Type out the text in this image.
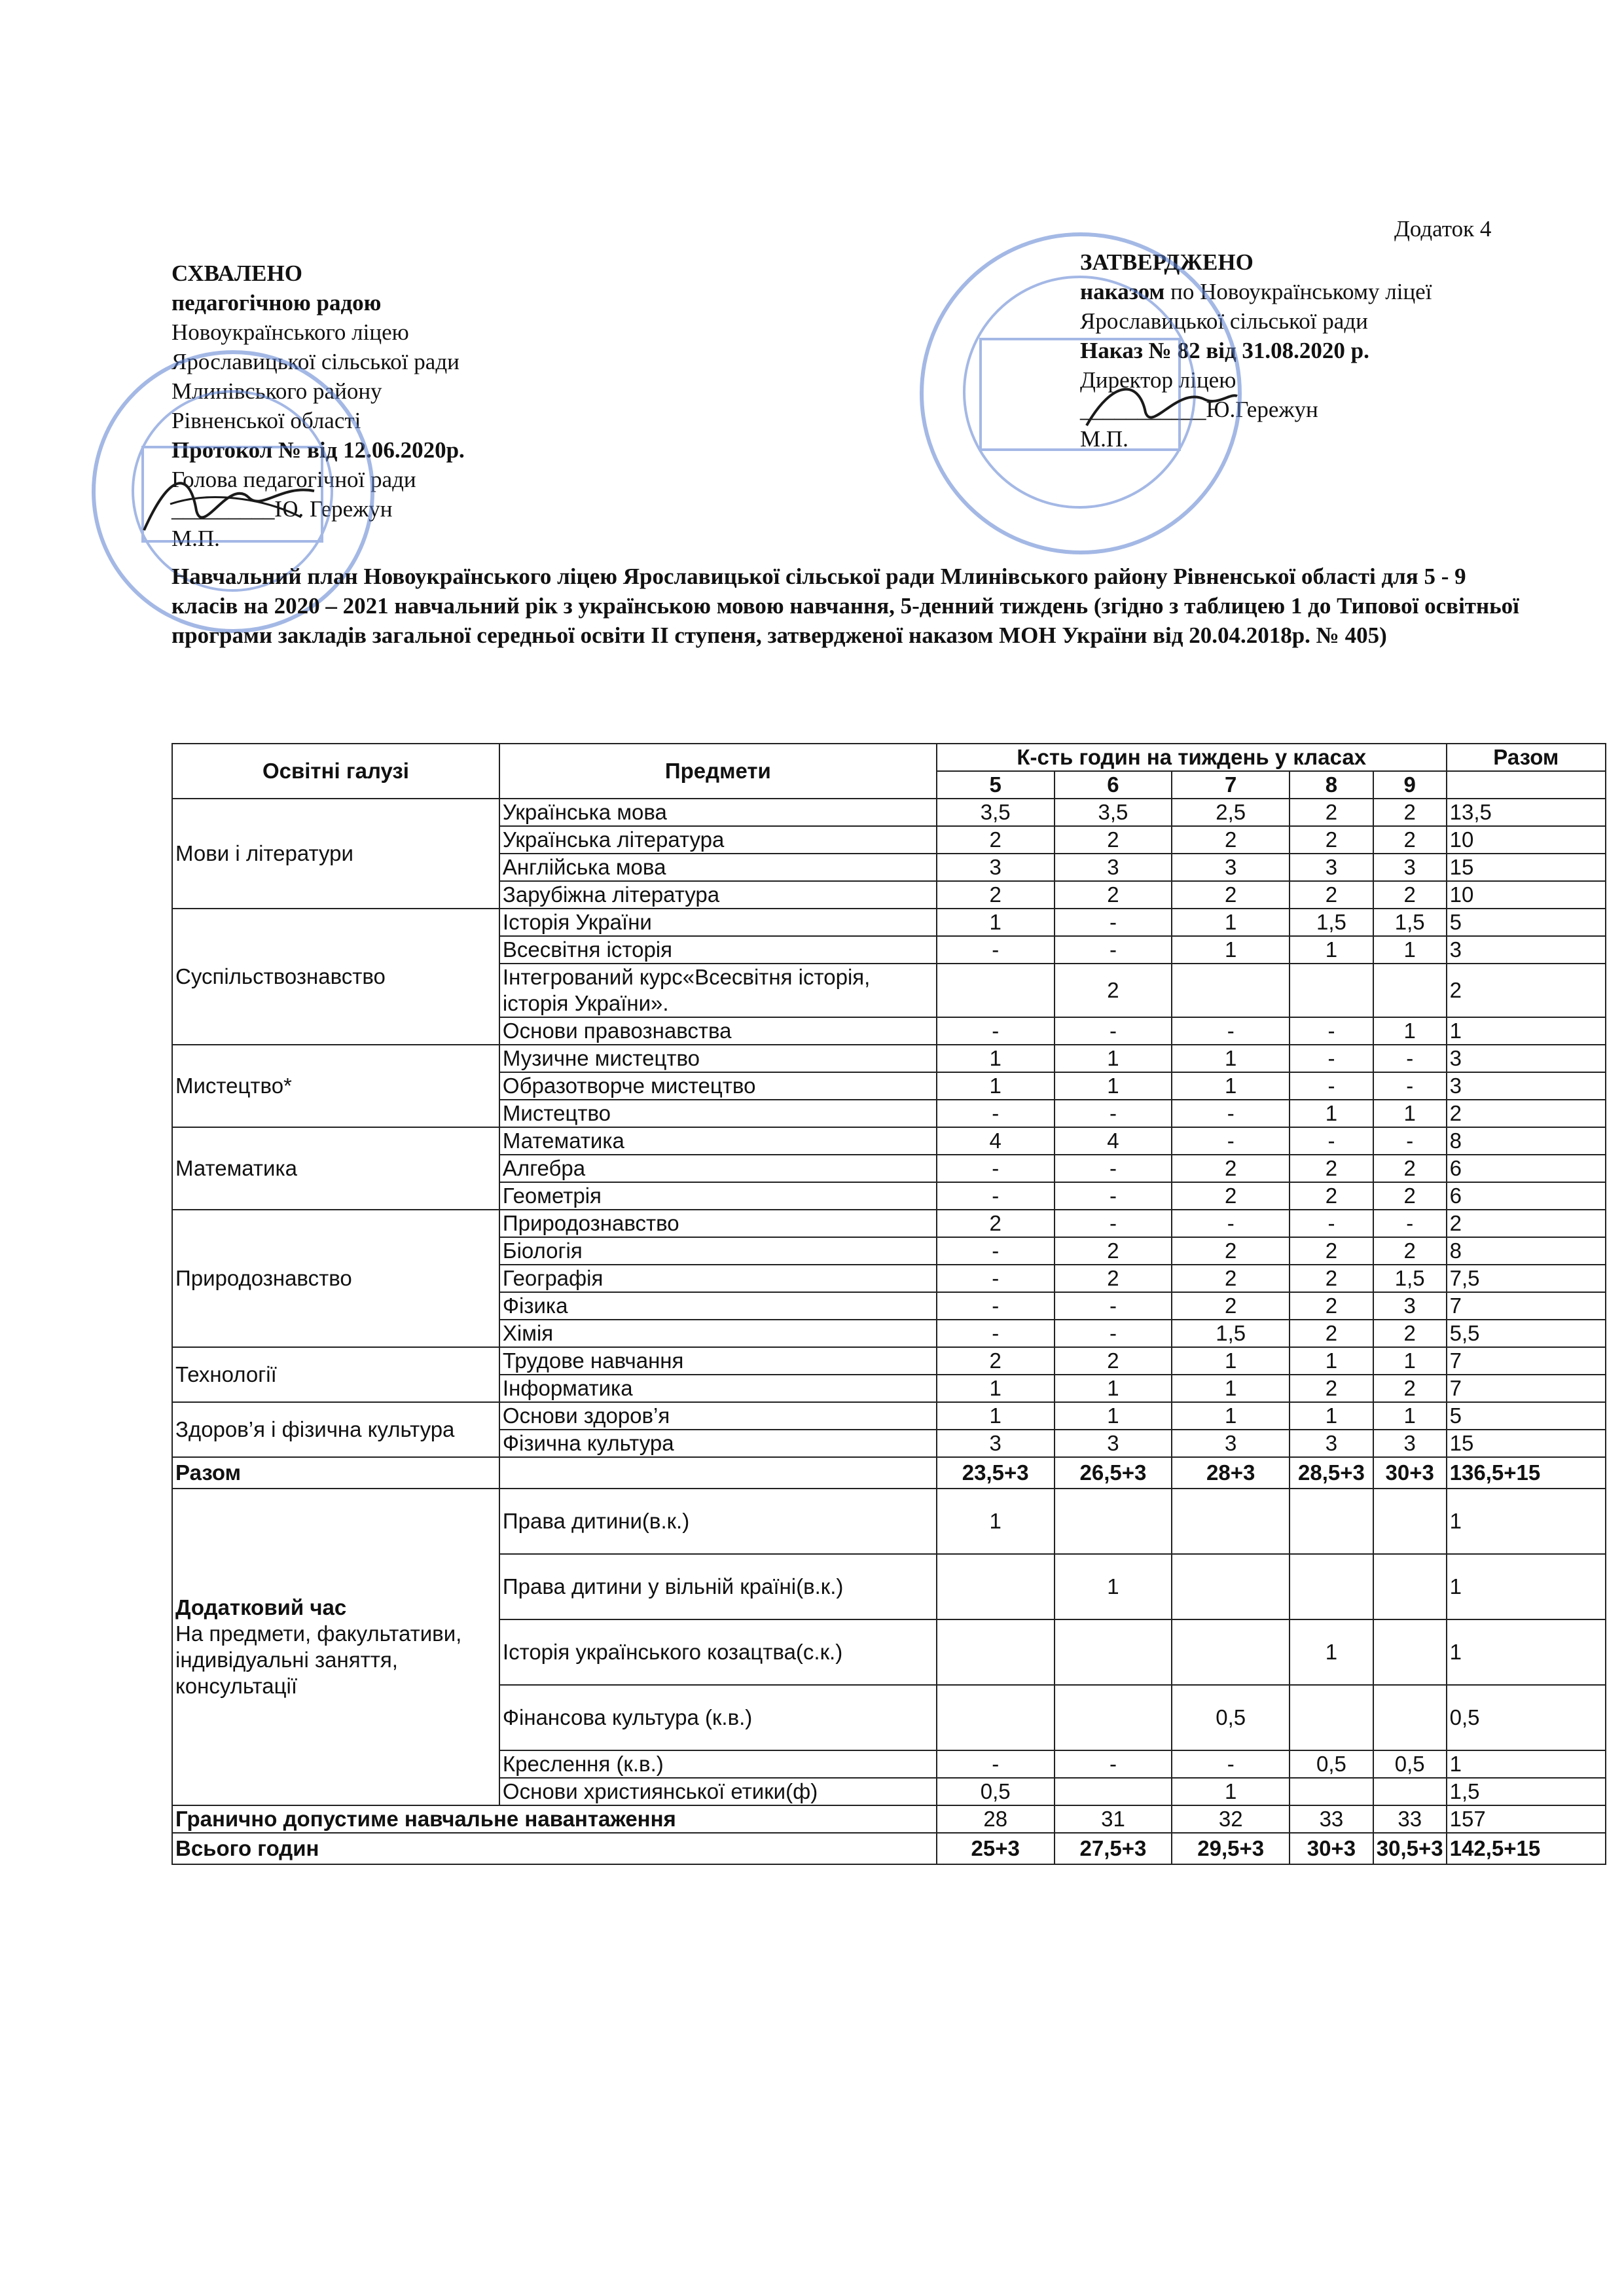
Додаток 4
СХВАЛЕНО
педагогічною радою
Новоукраїнського ліцею
Ярославицької сільської ради
Млинівського району
Рівненської області
Протокол № від 12.06.2020р.
Голова педагогічної ради
_________Ю. Гережун
М.П.
ЗАТВЕРДЖЕНО
наказом по Новоукраїнському ліцеї
Ярославицької сільської ради
Наказ № 82 від 31.08.2020 р.
Директор ліцею
___________Ю.Гережун
М.П.
Навчальний план Новоукраїнського ліцею Ярославицької сільської ради Млинівського району Рівненської області для 5 - 9 класів на 2020 – 2021 навчальний рік з українською мовою навчання, 5-денний тиждень (згідно з таблицею 1 до Типової освітньої програми закладів загальної середньої освіти ІІ ступеня, затвердженої наказом МОН України від 20.04.2018р. № 405)
Освітні галузі	Предмети	К-сть годин на тиждень у класах					Разом
		5	6	7	8	9	
Мови і літератури	Українська мова	3,5	3,5	2,5	2	2	13,5
	Українська література	2	2	2	2	2	10
	Англійська мова	3	3	3	3	3	15
	Зарубіжна література	2	2	2	2	2	10
Суспільствознавство	Історія України	1	-	1	1,5	1,5	5
	Всесвітня історія	-	-	1	1	1	3
	Інтегрований курс«Всесвітня історія, історія України».		2				2
	Основи правознавства	-	-	-	-	1	1
Мистецтво*	Музичне мистецтво	1	1	1	-	-	3
	Образотворче мистецтво	1	1	1	-	-	3
	Мистецтво	-	-	-	1	1	2
Математика	Математика	4	4	-	-	-	8
	Алгебра	-	-	2	2	2	6
	Геометрія	-	-	2	2	2	6
Природознавство	Природознавство	2	-	-	-	-	2
	Біологія	-	2	2	2	2	8
	Географія	-	2	2	2	1,5	7,5
	Фізика	-	-	2	2	3	7
	Хімія	-	-	1,5	2	2	5,5
Технології	Трудове навчання	2	2	1	1	1	7
	Інформатика	1	1	1	2	2	7
Здоров’я і фізична культура	Основи здоров’я	1	1	1	1	1	5
	Фізична культура	3	3	3	3	3	15
Разом		23,5+3	26,5+3	28+3	28,5+3	30+3	136,5+15

Додатковий час
На предмети, факультативи, індивідуальні заняття, консультації	Права дитини(в.к.)	1					1
	Права дитини у вільній країні(в.к.)		1				1
	Історія українського козацтва(с.к.)				1		1
	Фінансова культура (к.в.)			0,5			0,5
	Креслення (к.в.)	-	-	-	0,5	0,5	1
	Основи християнської етики(ф)	0,5		1			1,5
Гранично допустиме навчальне навантаження		28	31	32	33	33	157
Всього годин		25+3	27,5+3	29,5+3	30+3	30,5+3	142,5+15
